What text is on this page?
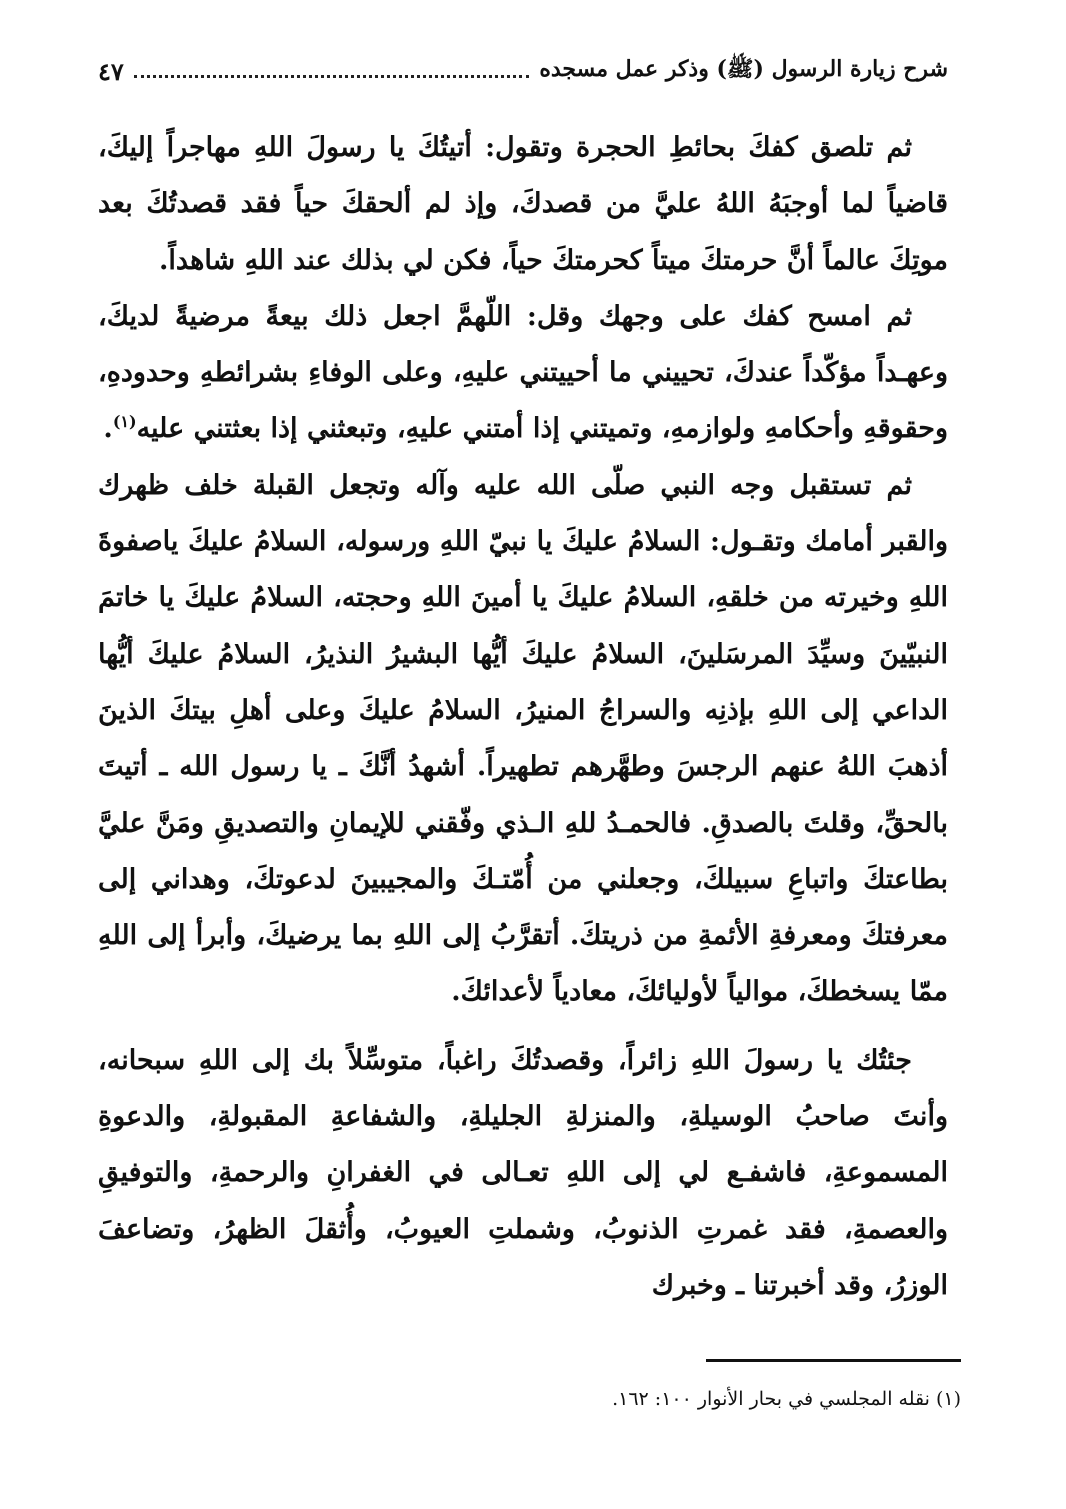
شرح زيارة الرسول (ﷺ) وذكر عمل مسجده
٤٧

ثم تلصق كفكَ بحائطِ الحجرة وتقول: أتيتُكَ يا رسولَ اللهِ مهاجراً إليكَ، قاضياً لما أوجبَهُ اللهُ عليَّ من قصدكَ، وإذ لم ألحقكَ حياً فقد قصدتُكَ بعد موتِكَ عالماً أنَّ حرمتكَ ميتاً كحرمتكَ حياً، فكن لي بذلك عند اللهِ شاهداً.

ثم امسح كفك على وجهك وقل: اللّهمَّ اجعل ذلك بيعةً مرضيةً لديكَ، وعهـداً مؤكّداً عندكَ، تحييني ما أحييتني عليهِ، وعلى الوفاءِ بشرائطهِ وحدودهِ، وحقوقهِ وأحكامهِ ولوازمهِ، وتميتني إذا أمتني عليهِ، وتبعثني إذا بعثتني عليه$^{(١)}$.

ثم تستقبل وجه النبي صلّى الله عليه وآله وتجعل القبلة خلف ظهرك والقبر أمامك وتقـول: السلامُ عليكَ يا نبيّ اللهِ ورسوله، السلامُ عليكَ ياصفوةَ اللهِ وخيرته من خلقهِ، السلامُ عليكَ يا أمينَ اللهِ وحجته، السلامُ عليكَ يا خاتمَ النبيّينَ وسيِّدَ المرسَلينَ، السلامُ عليكَ أيُّها البشيرُ النذيرُ، السلامُ عليكَ أيُّها الداعي إلى اللهِ بإذنِه والسراجُ المنيرُ، السلامُ عليكَ وعلى أهلِ بيتكَ الذينَ أذهبَ اللهُ عنهم الرجسَ وطهَّرهم تطهيراً. أشهدُ أنَّكَ ـ يا رسول الله ـ أتيتَ بالحقِّ، وقلتَ بالصدقِ. فالحمـدُ للهِ الـذي وفّقني للإيمانِ والتصديقِ ومَنَّ عليَّ بطاعتكَ واتباعِ سبيلكَ، وجعلني من أُمّتـكَ والمجيبينَ لدعوتكَ، وهداني إلى معرفتكَ ومعرفةِ الأئمةِ من ذريتكَ. أتقرَّبُ إلى اللهِ بما يرضيكَ، وأبرأ إلى اللهِ ممّا يسخطكَ، موالياً لأوليائكَ، معادياً لأعدائكَ.

جئتُك يا رسولَ اللهِ زائراً، وقصدتُكَ راغباً، متوسِّلاً بك إلى اللهِ سبحانه، وأنتَ صاحبُ الوسيلةِ، والمنزلةِ الجليلةِ، والشفاعةِ المقبولةِ، والدعوةِ المسموعةِ، فاشفـع لي إلى اللهِ تعـالى في الغفرانِ والرحمةِ، والتوفيقِ والعصمةِ، فقد غمرتِ الذنوبُ، وشملتِ العيوبُ، وأُثقلَ الظهرُ، وتضاعفَ الوزرُ، وقد أخبرتنا ـ وخبرك

(١) نقله المجلسي في بحار الأنوار ١٠٠: ١٦٢.
